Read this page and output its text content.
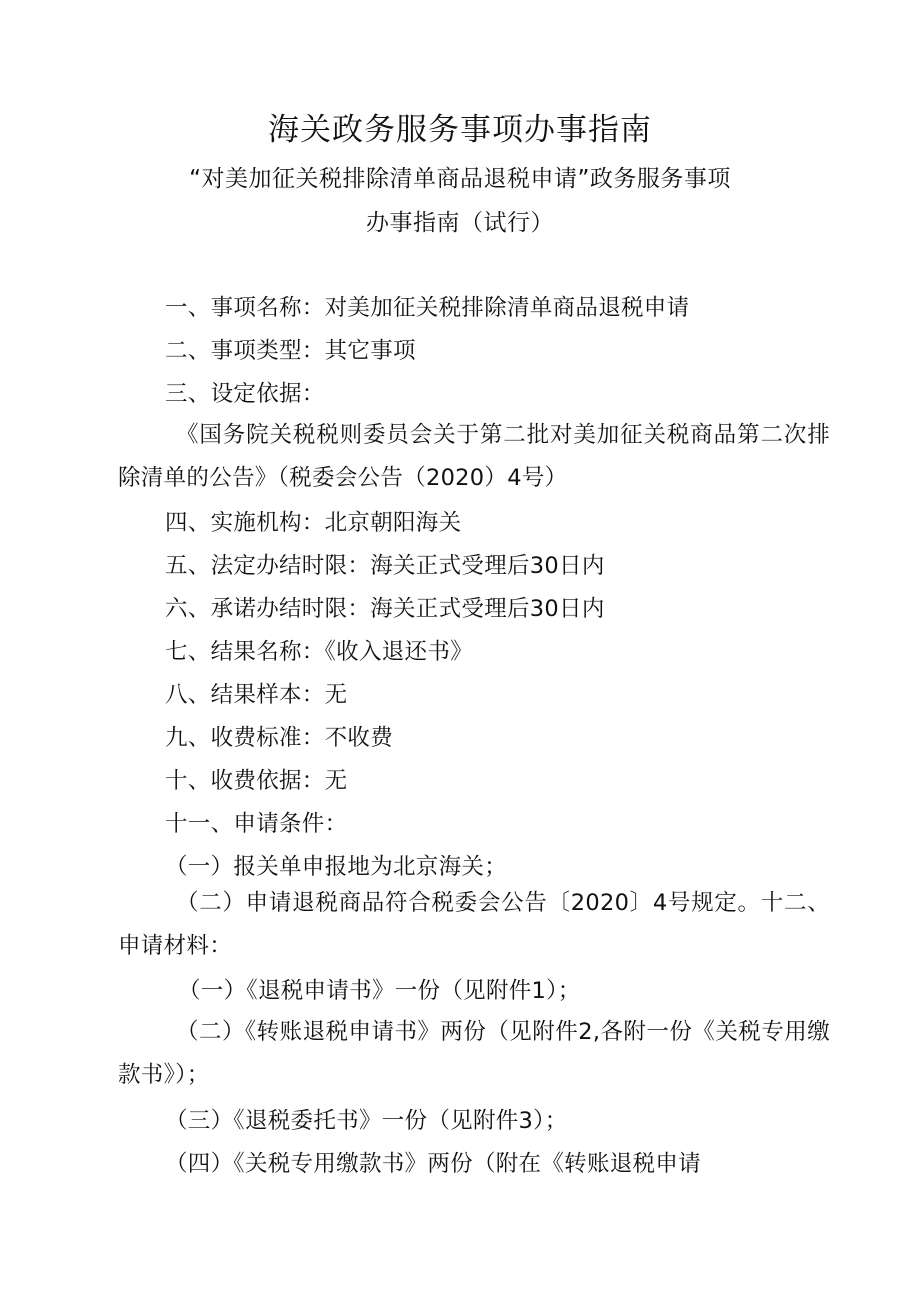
海关政务服务事项办事指南
“对美加征关税排除清单商品退税申请”政务服务事项
办事指南（试行）
一、事项名称：对美加征关税排除清单商品退税申请
二、事项类型：其它事项
三、设定依据：
《国务院关税税则委员会关于第二批对美加征关税商品第二次排除清单的公告》（税委会公告（2020）4号）
四、实施机构：北京朝阳海关
五、法定办结时限：海关正式受理后30日内
六、承诺办结时限：海关正式受理后30日内
七、结果名称：《收入退还书》
八、结果样本：无
九、收费标准：不收费
十、收费依据：无
十一、申请条件：
（一）报关单申报地为北京海关；
（二）申请退税商品符合税委会公告〔2020〕4号规定。十二、申请材料：
（一）《退税申请书》一份（见附件1）；
（二）《转账退税申请书》两份（见附件2,各附一份《关税专用缴款书》）；
（三）《退税委托书》一份（见附件3）；
（四）《关税专用缴款书》两份（附在《转账退税申请
